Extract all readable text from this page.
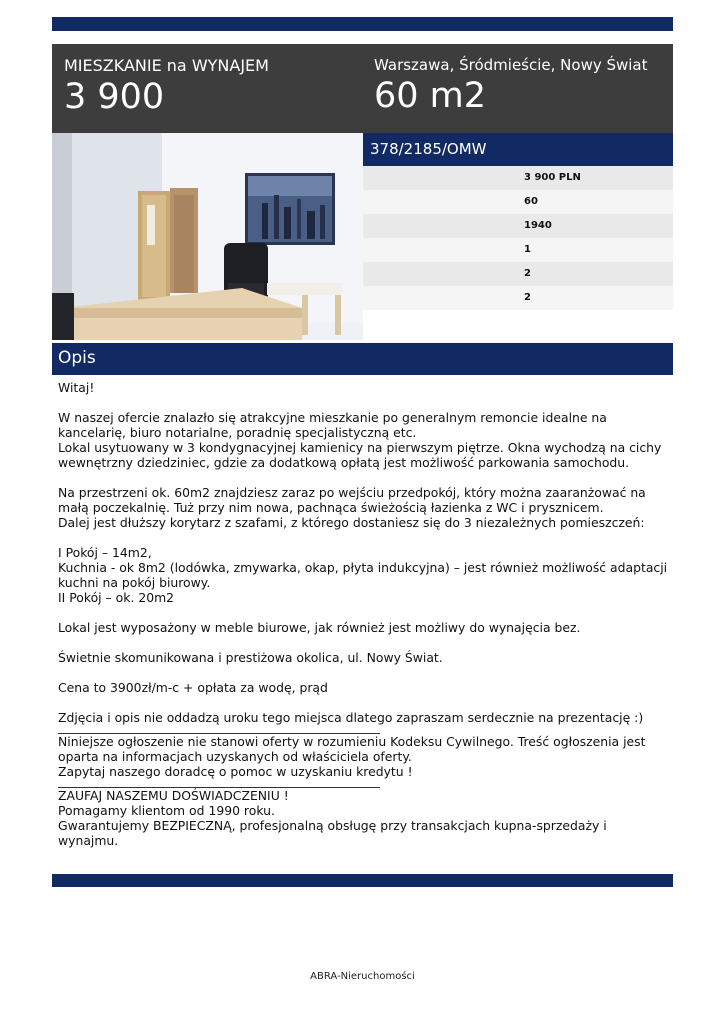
MIESZKANIE na WYNAJEM
3 900
Warszawa, Śródmieście, Nowy Świat
60 m2
378/2185/OMW
3 900 PLN
60
1940
1
2
2
Opis

Witaj!

W naszej ofercie znalazło się atrakcyjne mieszkanie po generalnym remoncie idealne na

kancelarię, biuro notarialne, poradnię specjalistyczną etc.

Lokal usytuowany w 3 kondygnacyjnej kamienicy na pierwszym piętrze. Okna wychodzą na cichy

wewnętrzny dziedziniec, gdzie za dodatkową opłatą jest możliwość parkowania samochodu.

Na przestrzeni ok. 60m2 znajdziesz zaraz po wejściu przedpokój, który można zaaranżować na

małą poczekalnię. Tuż przy nim nowa, pachnąca świeżością łazienka z WC i prysznicem.

Dalej jest dłuższy korytarz z szafami, z którego dostaniesz się do 3 niezależnych pomieszczeń:

I Pokój – 14m2,

Kuchnia - ok 8m2 (lodówka, zmywarka, okap, płyta indukcyjna) – jest również możliwość adaptacji

kuchni na pokój biurowy.

II Pokój – ok. 20m2

Lokal jest wyposażony w meble biurowe, jak również jest możliwy do wynajęcia bez.

Świetnie skomunikowana i prestiżowa okolica, ul. Nowy Świat.

Cena to 3900zł/m-c + opłata za wodę, prąd

Zdjęcia i opis nie oddadzą uroku tego miejsca dlatego zapraszam serdecznie na prezentację :)

Niniejsze ogłoszenie nie stanowi oferty w rozumieniu Kodeksu Cywilnego. Treść ogłoszenia jest

oparta na informacjach uzyskanych od właściciela oferty.

Zapytaj naszego doradcę o pomoc w uzyskaniu kredytu !

ZAUFAJ NASZEMU DOŚWIADCZENIU !

Pomagamy klientom od 1990 roku.

Gwarantujemy BEZPIECZNĄ, profesjonalną obsługę przy transakcjach kupna-sprzedaży i wynajmu.

ABRA-Nieruchomości
